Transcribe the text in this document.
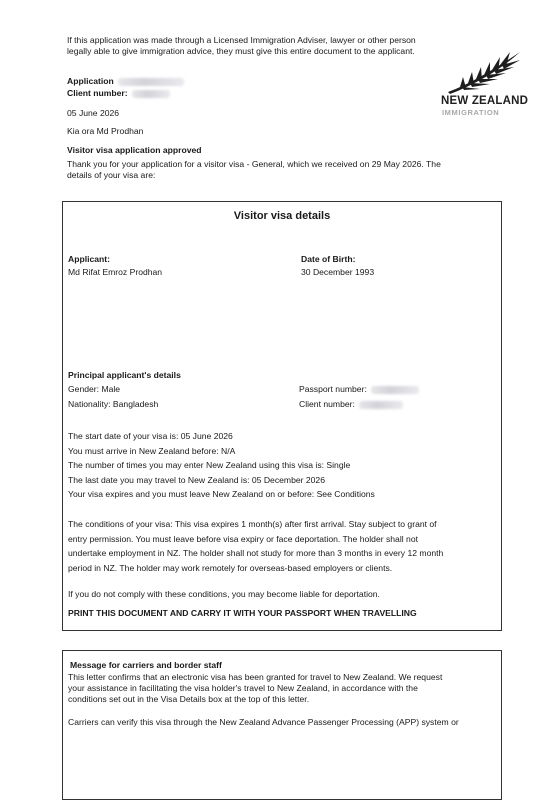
If this application was made through a Licensed Immigration Adviser, lawyer or other person
legally able to give immigration advice, they must give this entire document to the applicant.
NEW ZEALAND
IMMIGRATION
Application
Client number:
05 June 2026
Kia ora Md Prodhan
Visitor visa application approved
Thank you for your application for a visitor visa - General, which we received on 29 May 2026. The
details of your visa are:
Visitor visa details
Applicant:
Md Rifat Emroz Prodhan
Date of Birth:
30 December 1993
Principal applicant's details
Gender: Male
Nationality: Bangladesh
Passport number:
Client number:
The start date of your visa is: 05 June 2026
You must arrive in New Zealand before: N/A
The number of times you may enter New Zealand using this visa is: Single
The last date you may travel to New Zealand is: 05 December 2026
Your visa expires and you must leave New Zealand on or before: See Conditions
The conditions of your visa: This visa expires 1 month(s) after first arrival. Stay subject to grant of
entry permission. You must leave before visa expiry or face deportation. The holder shall not
undertake employment in NZ. The holder shall not study for more than 3 months in every 12 month
period in NZ. The holder may work remotely for overseas-based employers or clients.
If you do not comply with these conditions, you may become liable for deportation.
PRINT THIS DOCUMENT AND CARRY IT WITH YOUR PASSPORT WHEN TRAVELLING
Message for carriers and border staff
This letter confirms that an electronic visa has been granted for travel to New Zealand. We request
your assistance in facilitating the visa holder's travel to New Zealand, in accordance with the
conditions set out in the Visa Details box at the top of this letter.
Carriers can verify this visa through the New Zealand Advance Passenger Processing (APP) system or
